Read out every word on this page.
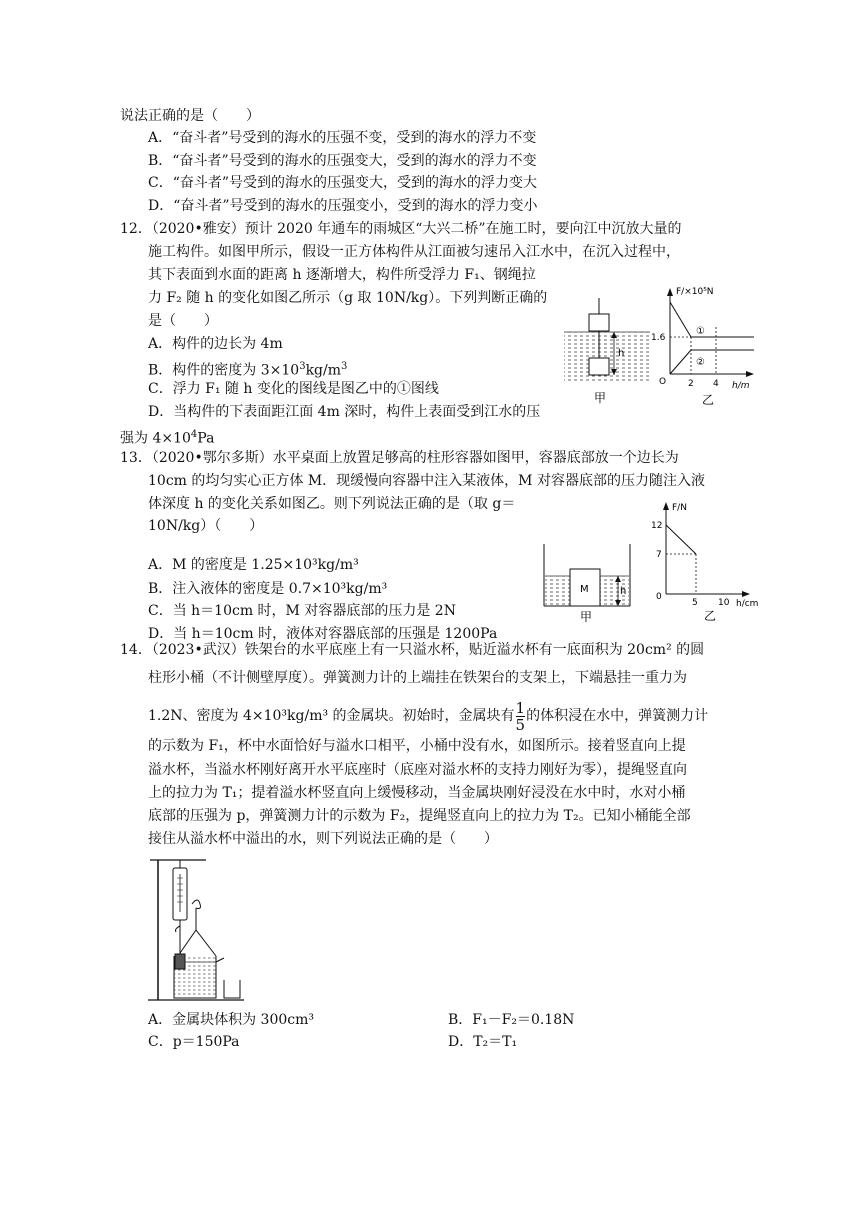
说法正确的是（　　）
A．“奋斗者”号受到的海水的压强不变，受到的海水的浮力不变
B．“奋斗者”号受到的海水的压强变大，受到的海水的浮力不变
C．“奋斗者”号受到的海水的压强变大，受到的海水的浮力变大
D．“奋斗者”号受到的海水的压强变小，受到的海水的浮力变小
12．（2020•雅安）预计 2020 年通车的雨城区“大兴二桥”在施工时，要向江中沉放大量的
施工构件。如图甲所示，假设一正方体构件从江面被匀速吊入江水中，在沉入过程中，
其下表面到水面的距离 h 逐渐增大，构件所受浮力 F₁、钢绳拉
力 F₂ 随 h 的变化如图乙所示（g 取 10N/kg）。下列判断正确的
是（　　）
A．构件的边长为 4m
B．构件的密度为 $3\times 10^3kg/m^3$
C．浮力 F₁ 随 h 变化的图线是图乙中的①图线
D．当构件的下表面距江面 4m 深时，构件上表面受到江水的压
强为 $4\times 10^4Pa$
h
甲
F/×10⁵N
h/m
1.6
O 2 4
①
②
乙
13．（2020•鄂尔多斯）水平桌面上放置足够高的柱形容器如图甲，容器底部放一个边长为
10cm 的均匀实心正方体 M．现缓慢向容器中注入某液体，M 对容器底部的压力随注入液
体深度 h 的变化关系如图乙。则下列说法正确的是（取 g＝
10N/kg）（　　）
A．M 的密度是 1.25×10³kg/m³
B．注入液体的密度是 0.7×10³kg/m³
C．当 h＝10cm 时，M 对容器底部的压力是 2N
D．当 h＝10cm 时，液体对容器底部的压强是 1200Pa
M	h
甲
F/N
h/cm
12
7
0
5 10
乙
14．（2023•武汉）铁架台的水平底座上有一只溢水杯，贴近溢水杯有一底面积为 20cm² 的圆
柱形小桶（不计侧壁厚度）。弹簧测力计的上端挂在铁架台的支架上，下端悬挂一重力为
1.2N、密度为 4×10³kg/m³ 的金属块。初始时，金属块有 $\frac{1}{5}$ 的体积浸在水中，弹簧测力计
的示数为 F₁，杯中水面恰好与溢水口相平，小桶中没有水，如图所示。接着竖直向上提
溢水杯，当溢水杯刚好离开水平底座时（底座对溢水杯的支持力刚好为零），提绳竖直向
上的拉力为 T₁；提着溢水杯竖直向上缓慢移动，当金属块刚好浸没在水中时，水对小桶
底部的压强为 p，弹簧测力计的示数为 F₂，提绳竖直向上的拉力为 T₂。已知小桶能全部
接住从溢水杯中溢出的水，则下列说法正确的是（　　）
A．金属块体积为 300cm³	B．F₁－F₂＝0.18N
C．p＝150Pa	D．T₂＝T₁
